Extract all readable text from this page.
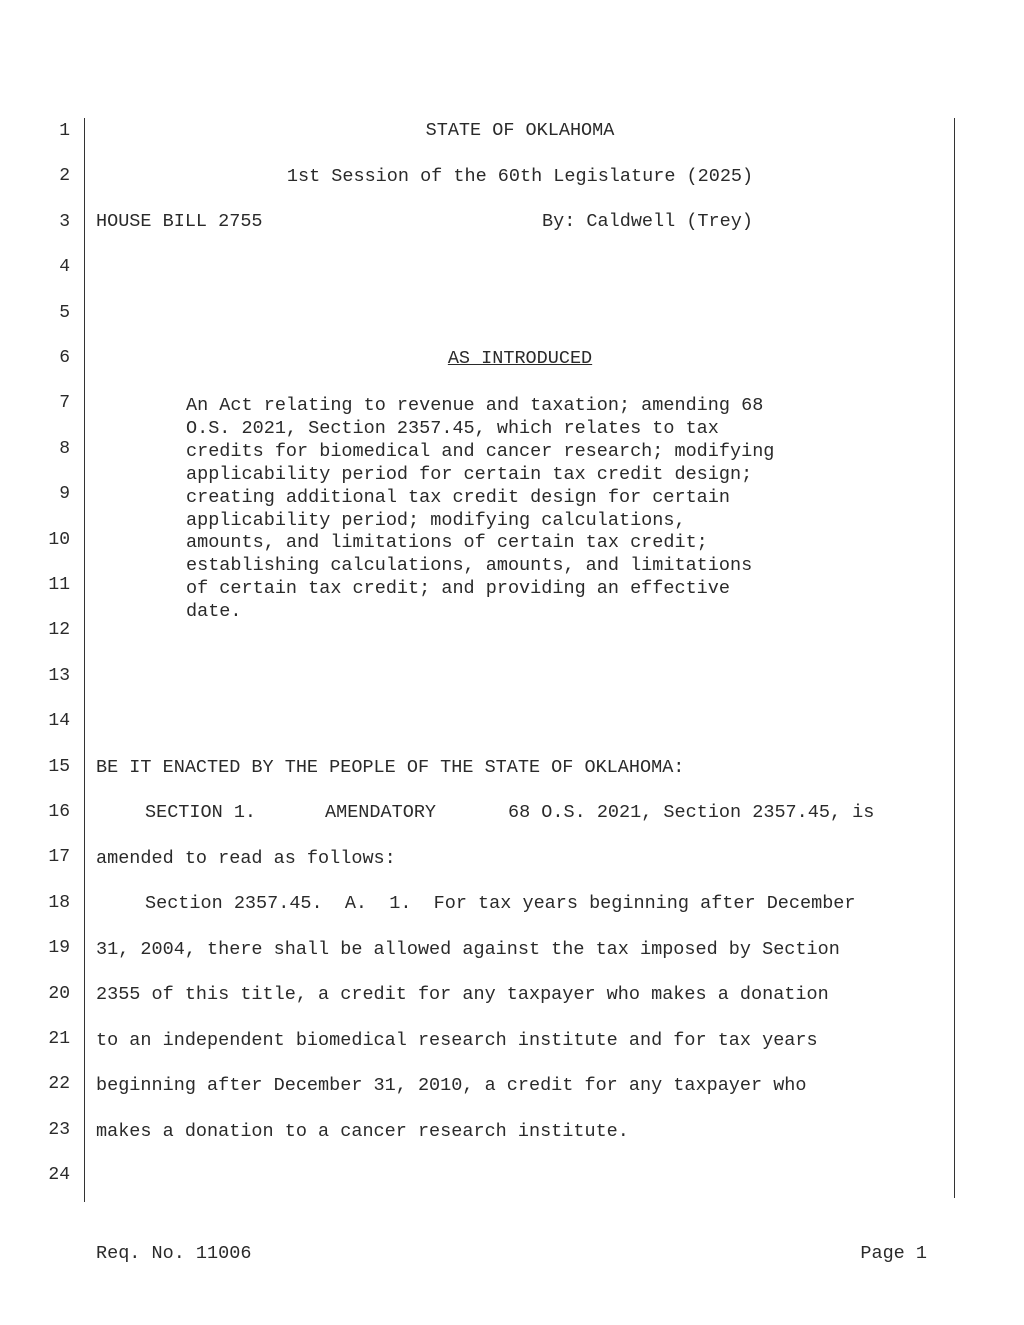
1
2
3
4
5
6
7
8
9
10
11
12
13
14
15
16
17
18
19
20
21
22
23
24
STATE OF OKLAHOMA
1st Session of the 60th Legislature (2025)
HOUSE BILL 2755	By: Caldwell (Trey)
AS INTRODUCED
An Act relating to revenue and taxation; amending 68
O.S. 2021, Section 2357.45, which relates to tax
credits for biomedical and cancer research; modifying
applicability period for certain tax credit design;
creating additional tax credit design for certain
applicability period; modifying calculations,
amounts, and limitations of certain tax credit;
establishing calculations, amounts, and limitations
of certain tax credit; and providing an effective
date.
BE IT ENACTED BY THE PEOPLE OF THE STATE OF OKLAHOMA:
SECTION 1.	AMENDATORY	68 O.S. 2021, Section 2357.45, is
amended to read as follows:
Section 2357.45.  A.  1.  For tax years beginning after December
31, 2004, there shall be allowed against the tax imposed by Section
2355 of this title, a credit for any taxpayer who makes a donation
to an independent biomedical research institute and for tax years
beginning after December 31, 2010, a credit for any taxpayer who
makes a donation to a cancer research institute.
Req. No. 11006	Page 1
